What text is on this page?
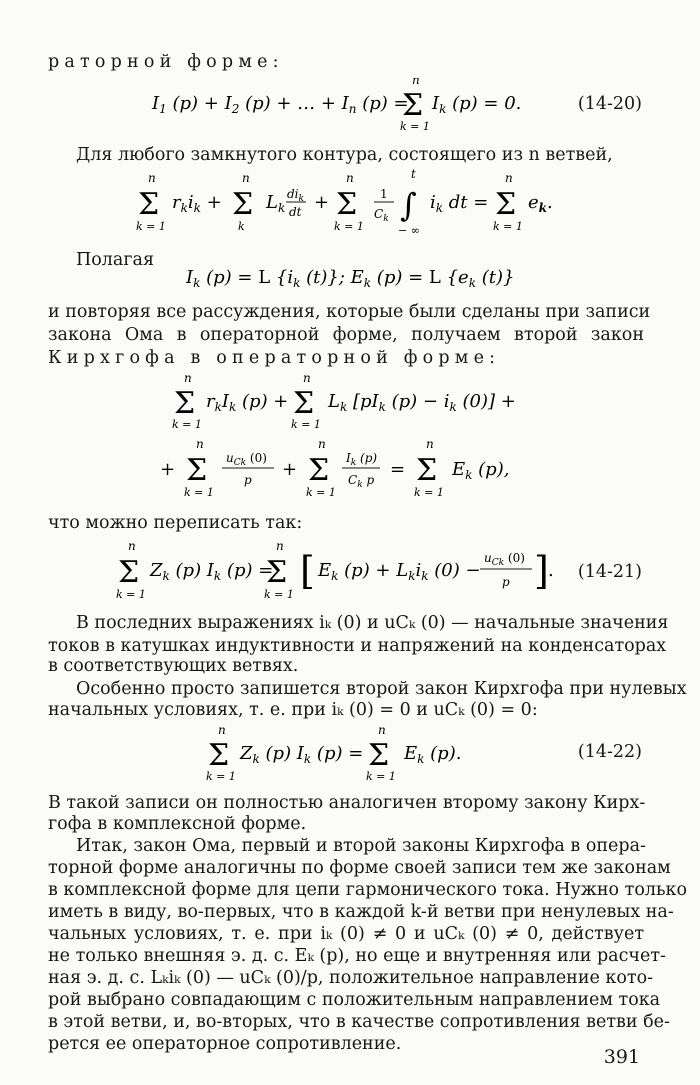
раторной форме:
$I_1$ $(p) + I_2$ (p) + … + $I_n$ (p) =
n
Σ
k = 1
$I_k$ (p) = 0.	(14-20)
Для любого замкнутого контура, состоящего из n ветвей,
n
Σ
k = 1
$r_ki_k$ +
n
Σ
k
$L_k$
$di_k$
dt +
n
Σ
k = 1
1
$C_k$
t
∫
− ∞
$i_k$ dt =
n
Σ
k = 1
$e_k$.
Полагая
$I_k$ (p) = L {$i_k$ (t)}; $E_k$ (p) = L {$e_k$ (t)}
и повторяя все рассуждения, которые были сделаны при записи
закона Ома в операторной форме, получаем второй закон
Кирхгофа в операторной форме:
n
Σ
k = 1
$r_kI_k$ (p) +
n
Σ
k = 1
$L_k$ [$pI_k$ $(p) - i_k$ (0)] +
+
n
Σ
k = 1
$u_{Ck}$ (0)
p +
n
Σ
k = 1
$I_k$ (p)
$C_k$ p =
n
Σ
k = 1
$E_k$ (p),
что можно переписать так:
n
Σ
k = 1
$Z_k$ (p) $I_k$ (p) =
n
Σ
k = 1
[ $E_k$ $(p) + L_ki_k$ (0) −
$u_{Ck}$ (0)
p ] . (14-21)
В последних выражениях iₖ (0) и uCₖ (0) — начальные значения
токов в катушках индуктивности и напряжений на конденсаторах
в соответствующих ветвях.
Особенно просто запишется второй закон Кирхгофа при нулевых
начальных условиях, т. е. при iₖ (0) = 0 и uCₖ (0) = 0:
n
Σ
k = 1
$Z_k$ (p) $I_k$ (p) =
n
Σ
k = 1
$E_k$ (p).	(14-22)
В такой записи он полностью аналогичен второму закону Кирх-
гофа в комплексной форме.
Итак, закон Ома, первый и второй законы Кирхгофа в опера-
торной форме аналогичны по форме своей записи тем же законам
в комплексной форме для цепи гармонического тока. Нужно только
иметь в виду, во-первых, что в каждой k-й ветви при ненулевых на-
чальных условиях, т. е. при iₖ (0) ≠ 0 и uCₖ (0) ≠ 0, действует
не только внешняя э. д. с. Eₖ (p), но еще и внутренняя или расчет-
ная э. д. с. Lₖiₖ (0) — uCₖ (0)/p, положительное направление кото-
рой выбрано совпадающим с положительным направлением тока
в этой ветви, и, во-вторых, что в качестве сопротивления ветви бе-
рется ее операторное сопротивление.
391
